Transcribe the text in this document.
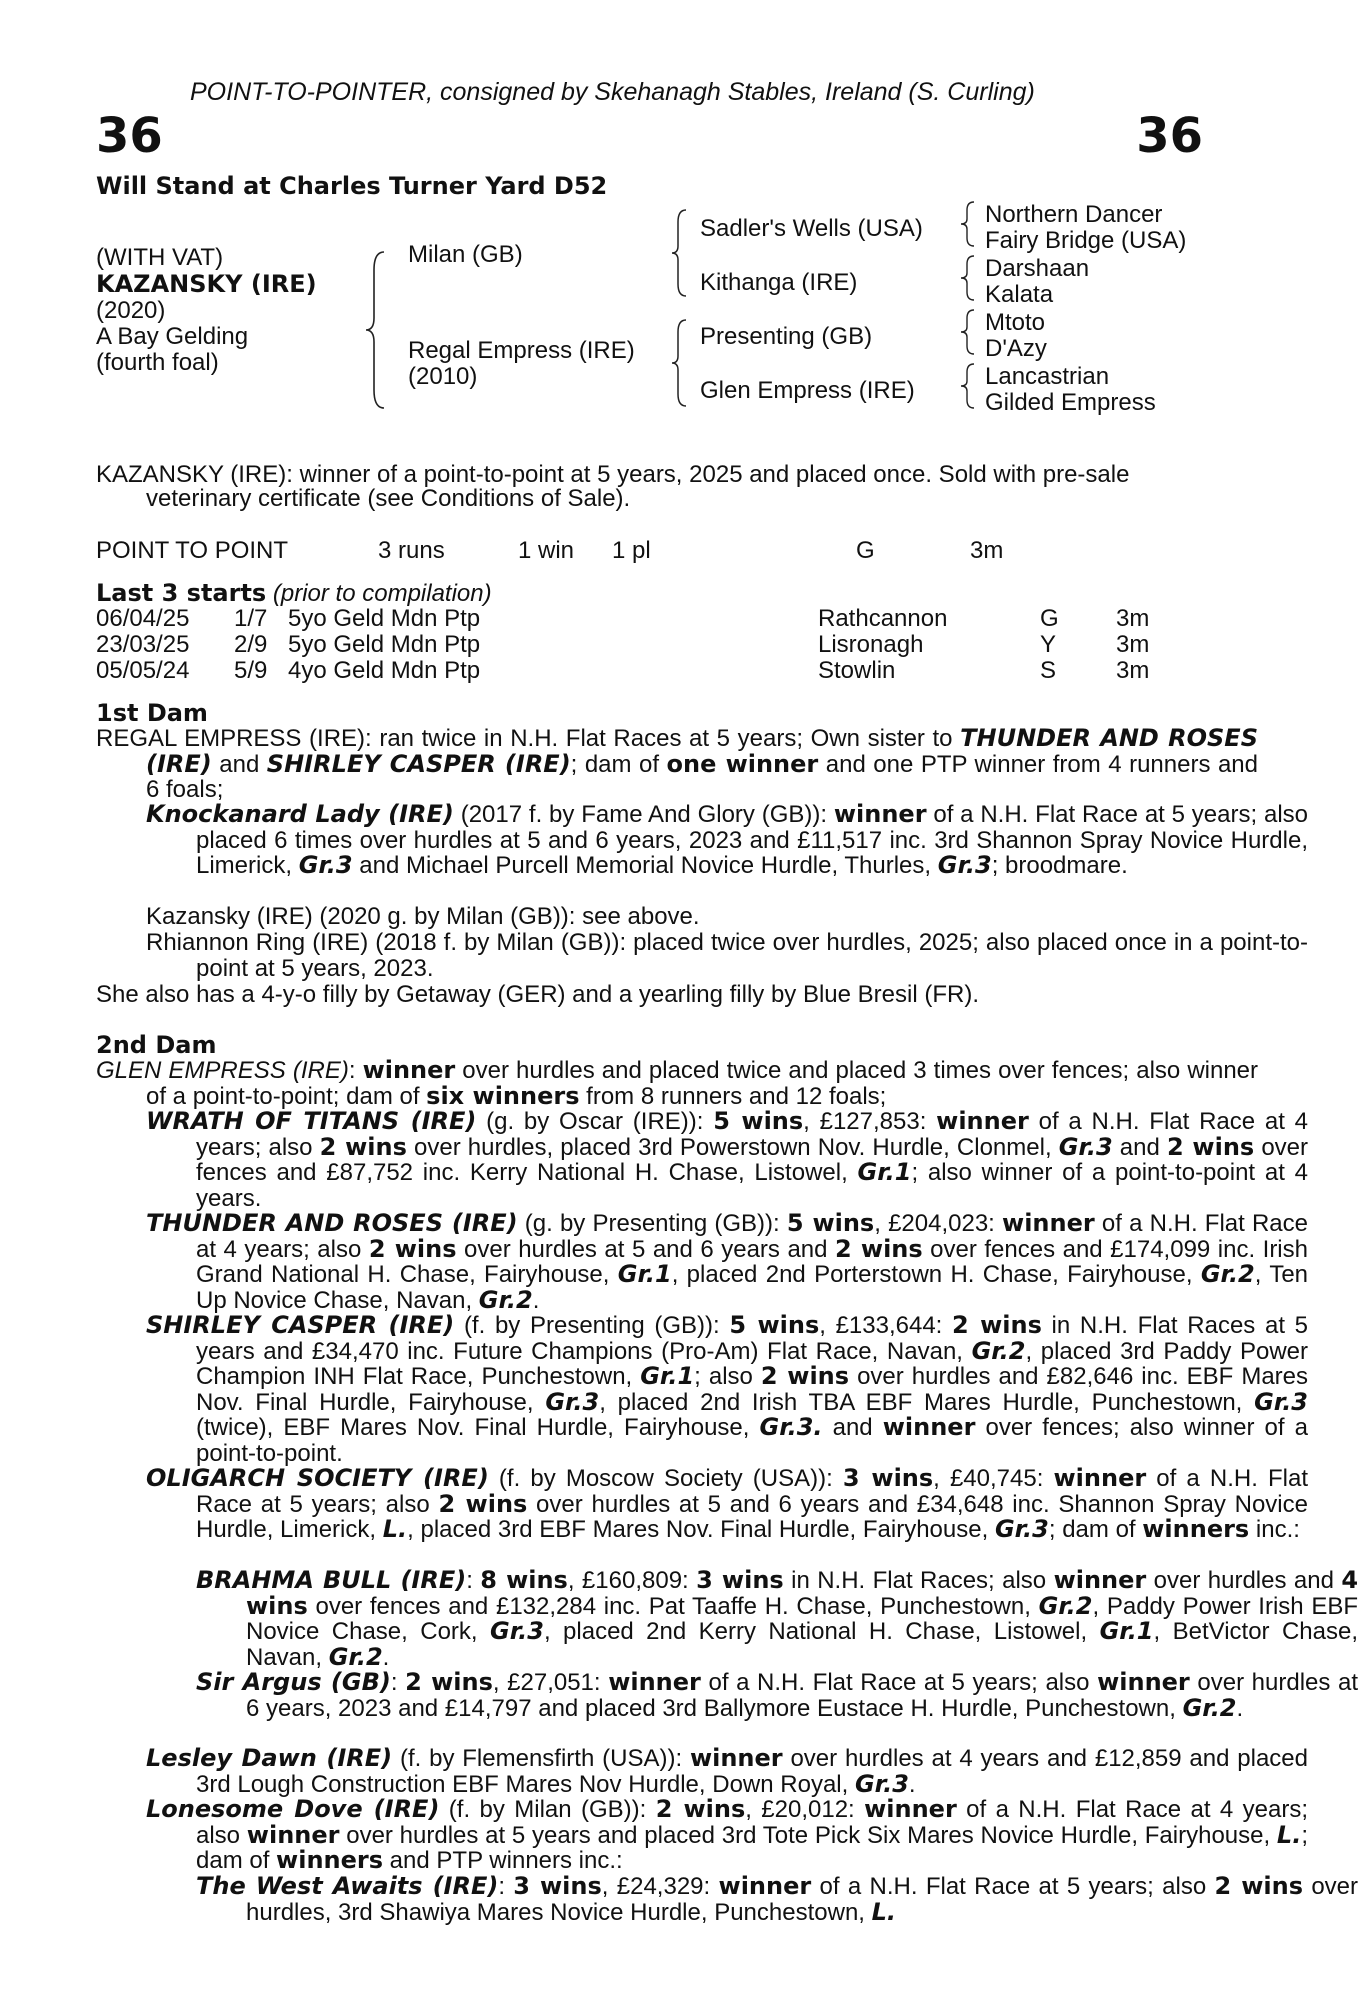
POINT-TO-POINTER, consigned by Skehanagh Stables, Ireland (S. Curling)
36	36
Will Stand at Charles Turner Yard D52
(WITH VAT)
KAZANSKY (IRE)
(2020)
A Bay Gelding
(fourth foal)
Milan (GB)
Regal Empress (IRE)
(2010)
Sadler's Wells (USA)
Kithanga (IRE)
Presenting (GB)
Glen Empress (IRE)
Northern Dancer
Fairy Bridge (USA)
Darshaan
Kalata
Mtoto
D'Azy
Lancastrian
Gilded Empress
KAZANSKY (IRE): winner of a point-to-point at 5 years, 2025 and placed once. Sold with pre-sale
veterinary certificate (see Conditions of Sale).
POINT TO POINT	3 runs	1 win 1 pl	G	3m
Last 3 starts (prior to compilation)
06/04/25 1/7 5yo Geld Mdn Ptp	Rathcannon	G 3m
23/03/25 2/9 5yo Geld Mdn Ptp	Lisronagh	Y 3m
05/05/24 5/9 4yo Geld Mdn Ptp	Stowlin	S 3m
1st Dam
REGAL EMPRESS (IRE): ran twice in N.H. Flat Races at 5 years; Own sister to THUNDER AND ROSES (IRE) and SHIRLEY CASPER (IRE); dam of one winner and one PTP winner from 4 runners and 6 foals;
Knockanard Lady (IRE) (2017 f. by Fame And Glory (GB)): winner of a N.H. Flat Race at 5 years; also placed 6 times over hurdles at 5 and 6 years, 2023 and £11,517 inc. 3rd Shannon Spray Novice Hurdle, Limerick, Gr.3 and Michael Purcell Memorial Novice Hurdle, Thurles, Gr.3; broodmare.
Kazansky (IRE) (2020 g. by Milan (GB)): see above.
Rhiannon Ring (IRE) (2018 f. by Milan (GB)): placed twice over hurdles, 2025; also placed once in a point-to-point at 5 years, 2023.
She also has a 4-y-o filly by Getaway (GER) and a yearling filly by Blue Bresil (FR).
2nd Dam
GLEN EMPRESS (IRE): winner over hurdles and placed twice and placed 3 times over fences; also winner of a point-to-point; dam of six winners from 8 runners and 12 foals;
WRATH OF TITANS (IRE) (g. by Oscar (IRE)): 5 wins, £127,853: winner of a N.H. Flat Race at 4 years; also 2 wins over hurdles, placed 3rd Powerstown Nov. Hurdle, Clonmel, Gr.3 and 2 wins over fences and £87,752 inc. Kerry National H. Chase, Listowel, Gr.1; also winner of a point-to-point at 4 years.
THUNDER AND ROSES (IRE) (g. by Presenting (GB)): 5 wins, £204,023: winner of a N.H. Flat Race at 4 years; also 2 wins over hurdles at 5 and 6 years and 2 wins over fences and £174,099 inc. Irish Grand National H. Chase, Fairyhouse, Gr.1, placed 2nd Porterstown H. Chase, Fairyhouse, Gr.2, Ten Up Novice Chase, Navan, Gr.2.
SHIRLEY CASPER (IRE) (f. by Presenting (GB)): 5 wins, £133,644: 2 wins in N.H. Flat Races at 5 years and £34,470 inc. Future Champions (Pro-Am) Flat Race, Navan, Gr.2, placed 3rd Paddy Power Champion INH Flat Race, Punchestown, Gr.1; also 2 wins over hurdles and £82,646 inc. EBF Mares Nov. Final Hurdle, Fairyhouse, Gr.3, placed 2nd Irish TBA EBF Mares Hurdle, Punchestown, Gr.3 (twice), EBF Mares Nov. Final Hurdle, Fairyhouse, Gr.3. and winner over fences; also winner of a point-to-point.
OLIGARCH SOCIETY (IRE) (f. by Moscow Society (USA)): 3 wins, £40,745: winner of a N.H. Flat Race at 5 years; also 2 wins over hurdles at 5 and 6 years and £34,648 inc. Shannon Spray Novice Hurdle, Limerick, L., placed 3rd EBF Mares Nov. Final Hurdle, Fairyhouse, Gr.3; dam of winners inc.:
BRAHMA BULL (IRE): 8 wins, £160,809: 3 wins in N.H. Flat Races; also winner over hurdles and 4 wins over fences and £132,284 inc. Pat Taaffe H. Chase, Punchestown, Gr.2, Paddy Power Irish EBF Novice Chase, Cork, Gr.3, placed 2nd Kerry National H. Chase, Listowel, Gr.1, BetVictor Chase, Navan, Gr.2.
Sir Argus (GB): 2 wins, £27,051: winner of a N.H. Flat Race at 5 years; also winner over hurdles at 6 years, 2023 and £14,797 and placed 3rd Ballymore Eustace H. Hurdle, Punchestown, Gr.2.
Lesley Dawn (IRE) (f. by Flemensfirth (USA)): winner over hurdles at 4 years and £12,859 and placed 3rd Lough Construction EBF Mares Nov Hurdle, Down Royal, Gr.3.
Lonesome Dove (IRE) (f. by Milan (GB)): 2 wins, £20,012: winner of a N.H. Flat Race at 4 years; also winner over hurdles at 5 years and placed 3rd Tote Pick Six Mares Novice Hurdle, Fairyhouse, L.; dam of winners and PTP winners inc.:
The West Awaits (IRE): 3 wins, £24,329: winner of a N.H. Flat Race at 5 years; also 2 wins over hurdles, 3rd Shawiya Mares Novice Hurdle, Punchestown, L.
